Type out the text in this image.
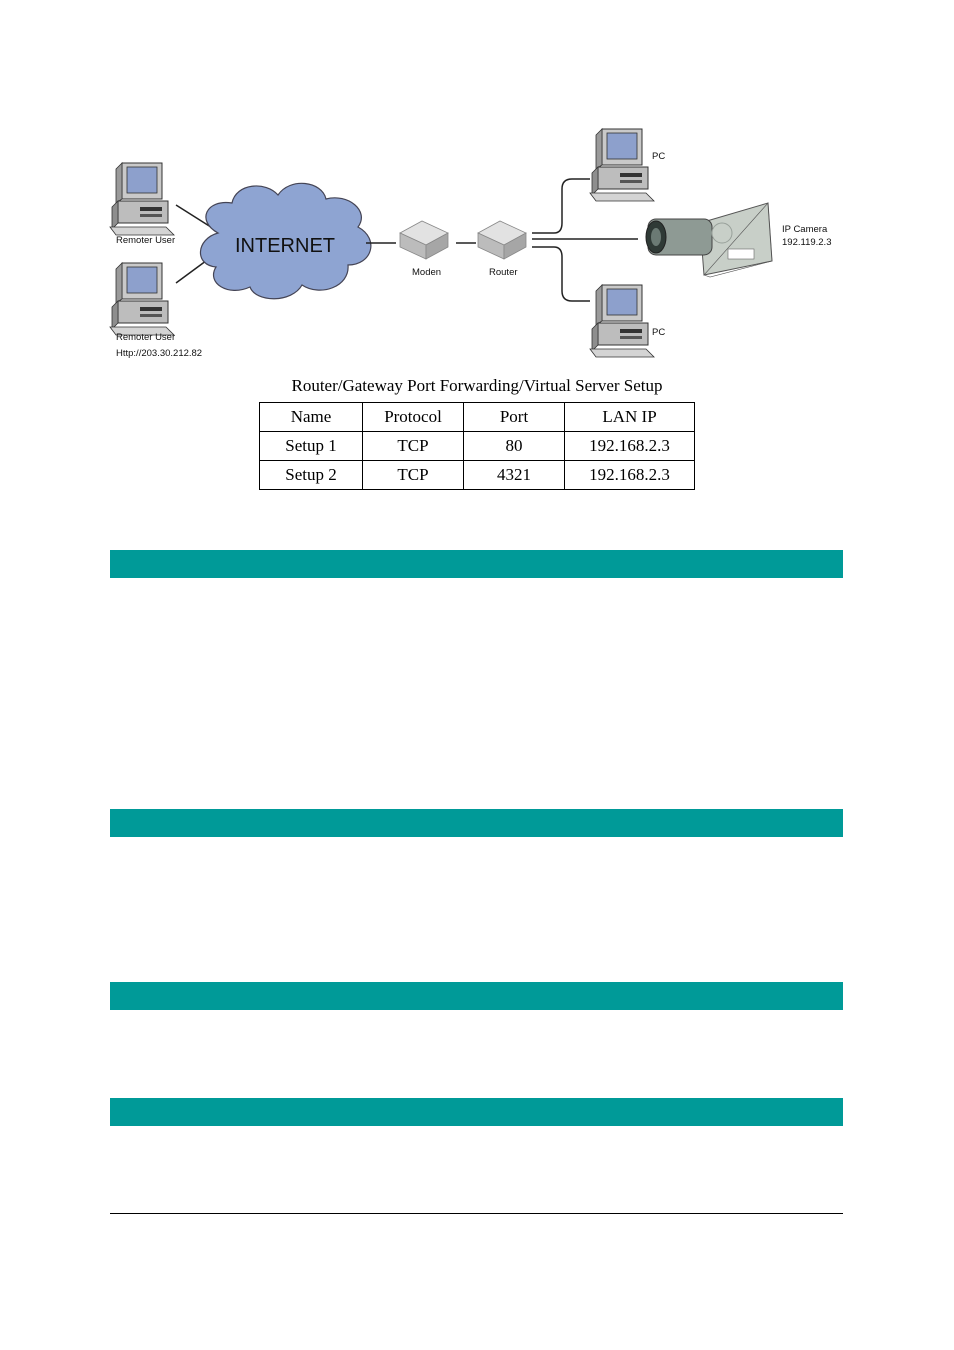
INTERNET
Remoter User
Remoter User
Http://203.30.212.82
Moden	Router
PC
PC
IP Camera
192.119.2.3
Router/Gateway Port Forwarding/Virtual Server Setup
Name	Protocol	Port	LAN IP
Setup 1	TCP	80	192.168.2.3
Setup 2	TCP	4321	192.168.2.3
